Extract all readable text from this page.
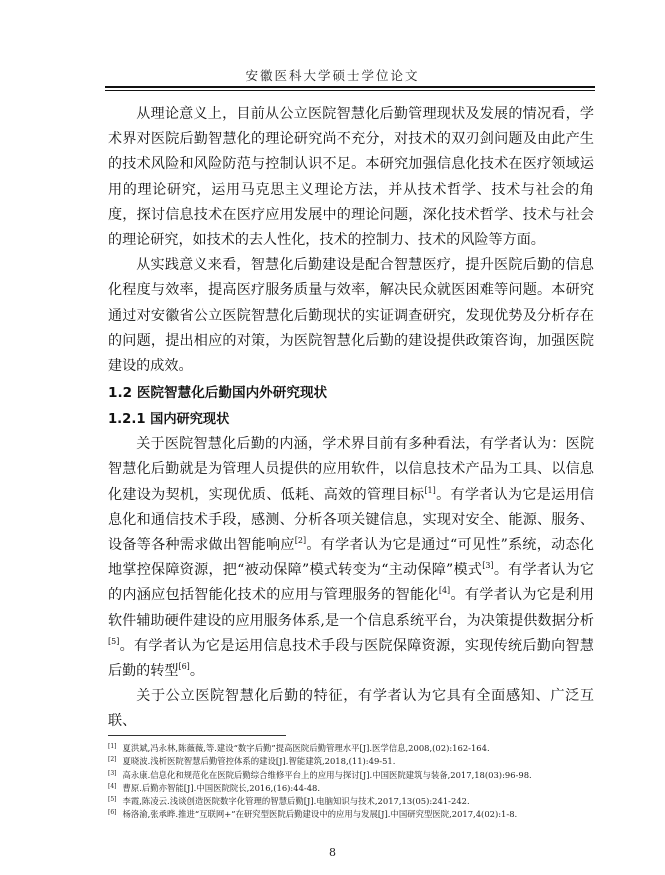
安徽医科大学硕士学位论文

从理论意义上，目前从公立医院智慧化后勤管理现状及发展的情况看，学术界对医院后勤智慧化的理论研究尚不充分，对技术的双刃剑问题及由此产生的技术风险和风险防范与控制认识不足。本研究加强信息化技术在医疗领域运用的理论研究，运用马克思主义理论方法，并从技术哲学、技术与社会的角度，探讨信息技术在医疗应用发展中的理论问题，深化技术哲学、技术与社会的理论研究，如技术的去人性化，技术的控制力、技术的风险等方面。

从实践意义来看，智慧化后勤建设是配合智慧医疗，提升医院后勤的信息化程度与效率，提高医疗服务质量与效率，解决民众就医困难等问题。本研究通过对安徽省公立医院智慧化后勤现状的实证调查研究，发现优势及分析存在的问题，提出相应的对策，为医院智慧化后勤的建设提供政策咨询，加强医院建设的成效。

1.2 医院智慧化后勤国内外研究现状

1.2.1 国内研究现状

关于医院智慧化后勤的内涵，学术界目前有多种看法，有学者认为：医院智慧化后勤就是为管理人员提供的应用软件，以信息技术产品为工具、以信息化建设为契机，实现优质、低耗、高效的管理目标[1]。有学者认为它是运用信息化和通信技术手段，感测、分析各项关键信息，实现对安全、能源、服务、设备等各种需求做出智能响应[2]。有学者认为它是通过“可见性”系统，动态化地掌控保障资源，把“被动保障”模式转变为“主动保障”模式[3]。有学者认为它的内涵应包括智能化技术的应用与管理服务的智能化[4]。有学者认为它是利用软件辅助硬件建设的应用服务体系,是一个信息系统平台，为决策提供数据分析[5]。有学者认为它是运用信息技术手段与医院保障资源，实现传统后勤向智慧后勤的转型[6]。

关于公立医院智慧化后勤的特征，有学者认为它具有全面感知、广泛互联、

[1] 夏洪斌,冯永林,陈薇薇,等.建设“数字后勤”提高医院后勤管理水平[J].医学信息,2008,(02):162-164.

[2] 夏晓波.浅析医院智慧后勤管控体系的建设[J].智能建筑,2018,(11):49-51.

[3] 高永康.信息化和规范化在医院后勤综合维修平台上的应用与探讨[J].中国医院建筑与装备,2017,18(03):96-98.

[4] 曹原.后勤亦智能[J].中国医院院长,2016,(16):44-48.

[5] 李霞,陈凌云.浅谈创造医院数字化管理的智慧后勤[J].电脑知识与技术,2017,13(05):241-242.

[6] 杨洛渝,张承晔.推进“互联网+”在研究型医院后勤建设中的应用与发展[J].中国研究型医院,2017,4(02):1-8.

8
